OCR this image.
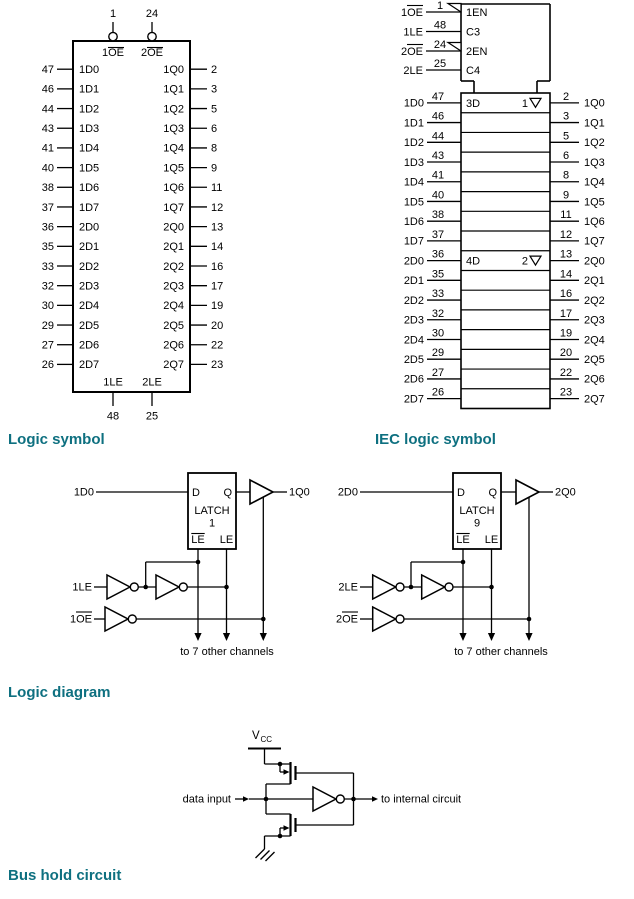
Logic symbol	IEC logic symbol
Logic diagram
Bus hold circuit
1
1OE
24
2OE
47 1D0	1Q0 2
46 1D1	1Q1 3
44 1D2	1Q2 5
43 1D3	1Q3 6
41 1D4	1Q4 8
40 1D5	1Q5 9
38 1D6	1Q6 11
37 1D7	1Q7 12
36 2D0	2Q0 13
35 2D1	2Q1 14
33 2D2	2Q2 16
32 2D3	2Q3 17
30 2D4	2Q4 19
29 2D5	2Q5 20
27 2D6	2Q6 22
26 2D7	2Q7 23
1LE
48
2LE
25
1OE
1
1EN
1LE
48
C3
2OE
24
2EN
2LE
25
C4
1D0
47	2
1Q0
3D	1
1D1
46	3
1Q1
1D2
44	5
1Q2
1D3
43	6
1Q3
1D4
41	8
1Q4
1D5
40	9
1Q5
1D6
38	11
1Q6
1D7
37	12
1Q7
2D0
36	13
2Q0
4D	2
2D1
35	14
2Q1
2D2
33	16
2Q2
2D3
32	17
2Q3
2D4
30	19
2Q4
2D5
29	20
2Q5
2D6
27	22
2Q6
2D7
26	23
2Q7
1D0	D Q
LATCH
1
LE LE
1Q0
1LE
1OE
to 7 other channels
2D0	D Q
LATCH
9
LE LE
2Q0
2LE
2OE
to 7 other channels
V CC
data input	to internal circuit
